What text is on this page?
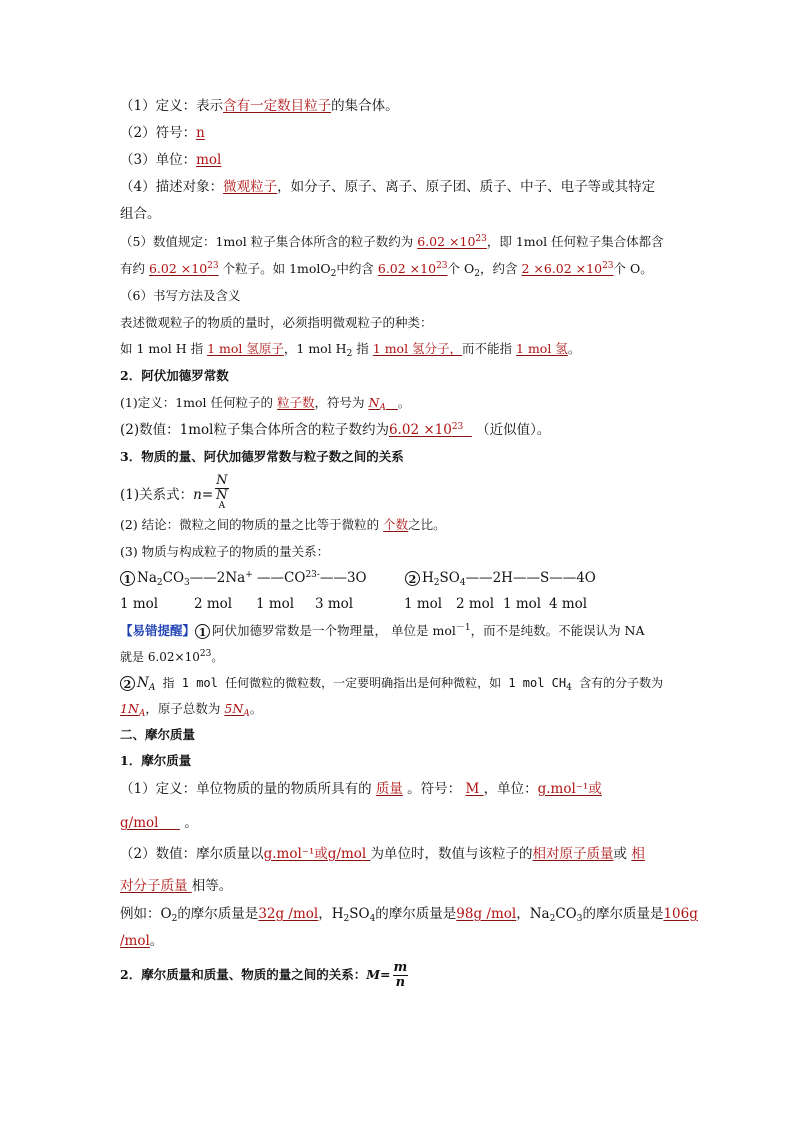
（1）定义：表示含有一定数目粒子的集合体。
（2）符号：n
（3）单位：mol
（4）描述对象：微观粒子，如分子、原子、离子、原子团、质子、中子、电子等或其特定
组合。
（5）数值规定：1mol 粒子集合体所含的粒子数约为 $6.02 \times 10^{23}$，即 1mol 任何粒子集合体都含
有约 $6.02 \times 10^{23}$ 个粒子。如 1molO$_2$中约含 $6.02 \times 10^{23}$个 $O_2$，约含 $2 \times 6.02 \times 10^{23}$个 O。
（6）书写方法及含义
表述微观粒子的物质的量时，必须指明微观粒子的种类：
如 1 mol H 指 1 mol 氢原子，1 mol $H_2$ 指 1 mol 氢分子，而不能指 1 mol 氢。
2．阿伏加德罗常数
(1)定义：1mol 任何粒子的 粒子数，符号为 $N_A$ 。
(2)数值：1mol粒子集合体所含的粒子数约为$6.02 \times 10^{23}$   （近似值）。
3．物质的量、阿伏加德罗常数与粒子数之间的关系
(1)关系式：n= N
N
$^A$
(2) 结论：微粒之间的物质的量之比等于微粒的 个数之比。
(3) 物质与构成粒子的物质的量关系：
1 $Na_2CO_3——2Na^+$ $——CO^{23-}——3O$	2 $H_2SO_4——2H——S——4O$
1 mol	2 mol 1 mol 3 mol	1 mol 2 mol 1 mol 4 mol
【易错提醒】 1 阿伏加德罗常数是一个物理量， 单位是 mol$^{-1}$，而不是纯数。不能误认为 NA
就是 $6.02\times 10^{23}$。
2 $N_A$ 指 1 mol 任何微粒的微粒数，一定要明确指出是何种微粒，如 1 mol $CH_4$ 含有的分子数为
$1N_A$，原子总数为 $5N_A$。
二、摩尔质量
1．摩尔质量
（1）定义：单位物质的量的物质所具有的 质量 。符号： M ，单位：g.mol⁻¹或
g/mol      。
（2）数值：摩尔质量以g.mol⁻¹或g/mol 为单位时，数值与该粒子的相对原子质量或 相
对分子质量 相等。
例如：$O_2$的摩尔质量是32g /mol，$H_2SO_4$的摩尔质量是98g /mol，$Na_2CO_3$的摩尔质量是106g
/mol。
2．摩尔质量和质量、物质的量之间的关系：$M= \frac{m}{n}$
